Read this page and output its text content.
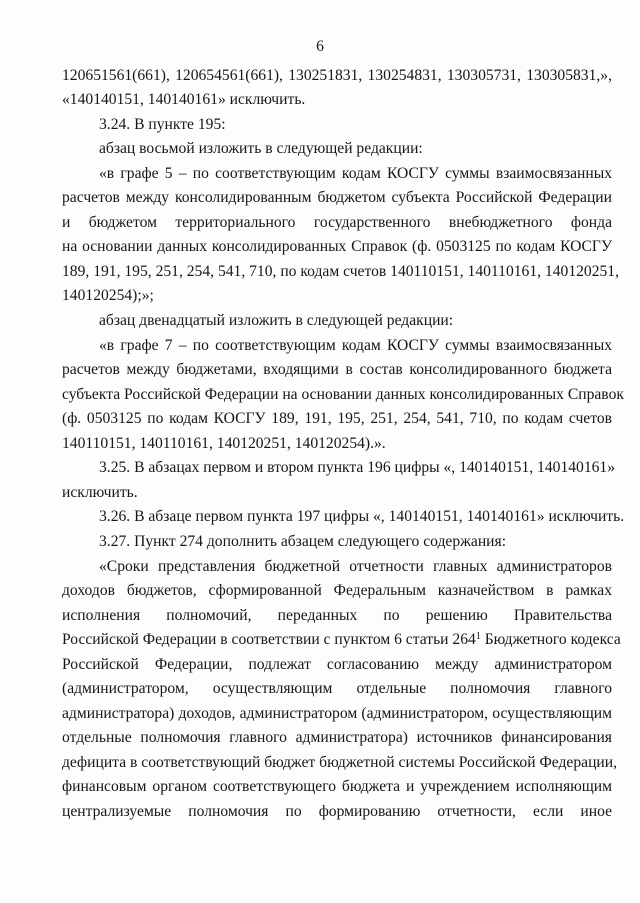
6
120651561(661), 120654561(661), 130251831, 130254831, 130305731, 130305831,»,
«140140151, 140140161» исключить.
3.24. В пункте 195:
абзац восьмой изложить в следующей редакции:
«в графе 5 – по соответствующим кодам КОСГУ суммы взаимосвязанных
расчетов между консолидированным бюджетом субъекта Российской Федерации
и бюджетом территориального государственного внебюджетного фонда
на основании данных консолидированных Справок (ф. 0503125 по кодам КОСГУ
189, 191, 195, 251, 254, 541, 710, по кодам счетов 140110151, 140110161, 140120251,
140120254);»;
абзац двенадцатый изложить в следующей редакции:
«в графе 7 – по соответствующим кодам КОСГУ суммы взаимосвязанных
расчетов между бюджетами, входящими в состав консолидированного бюджета
субъекта Российской Федерации на основании данных консолидированных Справок
(ф. 0503125 по кодам КОСГУ 189, 191, 195, 251, 254, 541, 710, по кодам счетов
140110151, 140110161, 140120251, 140120254).».
3.25. В абзацах первом и втором пункта 196 цифры «, 140140151, 140140161»
исключить.
3.26. В абзаце первом пункта 197 цифры «, 140140151, 140140161» исключить.
3.27. Пункт 274 дополнить абзацем следующего содержания:
«Сроки представления бюджетной отчетности главных администраторов
доходов бюджетов, сформированной Федеральным казначейством в рамках
исполнения полномочий, переданных по решению Правительства
Российской Федерации в соответствии с пунктом 6 статьи $264^1$ Бюджетного кодекса
Российской Федерации, подлежат согласованию между администратором
(администратором, осуществляющим отдельные полномочия главного
администратора) доходов, администратором (администратором, осуществляющим
отдельные полномочия главного администратора) источников финансирования
дефицита в соответствующий бюджет бюджетной системы Российской Федерации,
финансовым органом соответствующего бюджета и учреждением исполняющим
централизуемые полномочия по формированию отчетности, если иное
